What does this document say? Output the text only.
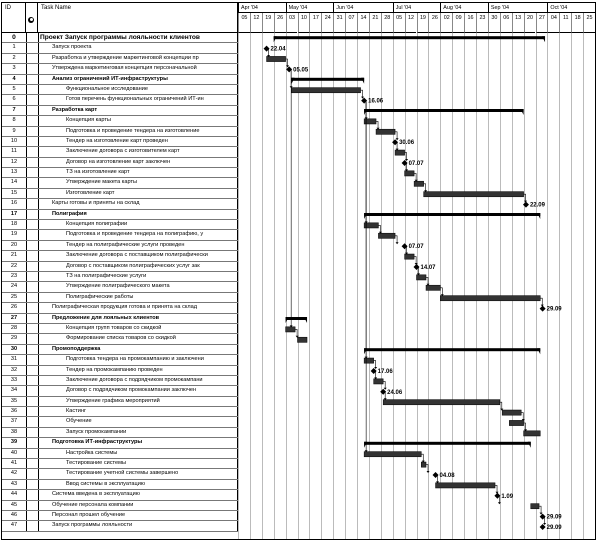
ID	Task Name
0	Проект Запуск программы лояльности клиентов
1	Запуск проекта
2	Разработка и утверждение маркетинговой концепции пр
3	Утверждена маркетинговая концепция персоначальной
4	Анализ ограничений ИТ-инфраструктуры
5	Функциональное исследование
6	Готов перечень функциональных ограничений ИТ-ин
7	Разработка карт
8	Концепция карты
9	Подготовка и проведение тендера на изготовление
10	Тендер на изготовление карт проведен
11	Заключение договора с изготовителем карт
12	Договор на изготовление карт заключен
13	ТЗ на изготовление карт
14	Утверждение макета карты
15	Изготовление карт
16	Карты готовы и приняты на склад
17	Полиграфия
18	Концепция полиграфии
19	Подготовка и проведение тендера на полиграфию, у
20	Тендер на полиграфические услуги проведен
21	Заключение договора с поставщиком полиграфически
22	Договор с поставщиком полиграфических услуг зак
23	ТЗ на полиграфические услуги
24	Утверждение полиграфического макета
25	Полиграфические работы
26	Полиграфическая продукция готова и принята на склад
27	Предложение для лояльных клиентов
28	Концепция групп товаров со скидкой
29	Формирование списка товаров со скидкой
30	Промоподдержка
31	Подготовка тендера на промокампанию и заключени
32	Тендер на промокампанию проведен
33	Заключение договора с подрядчиком промокампани
34	Договор с подрядчиком промокампании заключен
35	Утверждение графика мероприятий
36	Кастинг
37	Обучение
38	Запуск промокампании
39	Подготовка ИТ-инфраструктуры
40	Настройка системы
41	Тестирование системы
42	Тестирование учетной системы завершено
43	Ввод системы в эксплуатацию
44	Система введена в эксплуатацию
45	Обучение персонала компании
46	Персонал прошел обучение
47	Запуск программы лояльности
Apr '04	May '04	Jun '04	Jul '04	Aug '04	Sep '04	Oct '04
05	12	19	26	03	10	17	24	31	07	14	21	28	05	12	19	26	02	09	16	23	30	06	13	20	27	04	11	18	25
22.04
05.05
16.06
30.06
07.07
22.09
07.07
14.07
29.09
17.06
24.06
04.08
1.09
29.09
29.09
